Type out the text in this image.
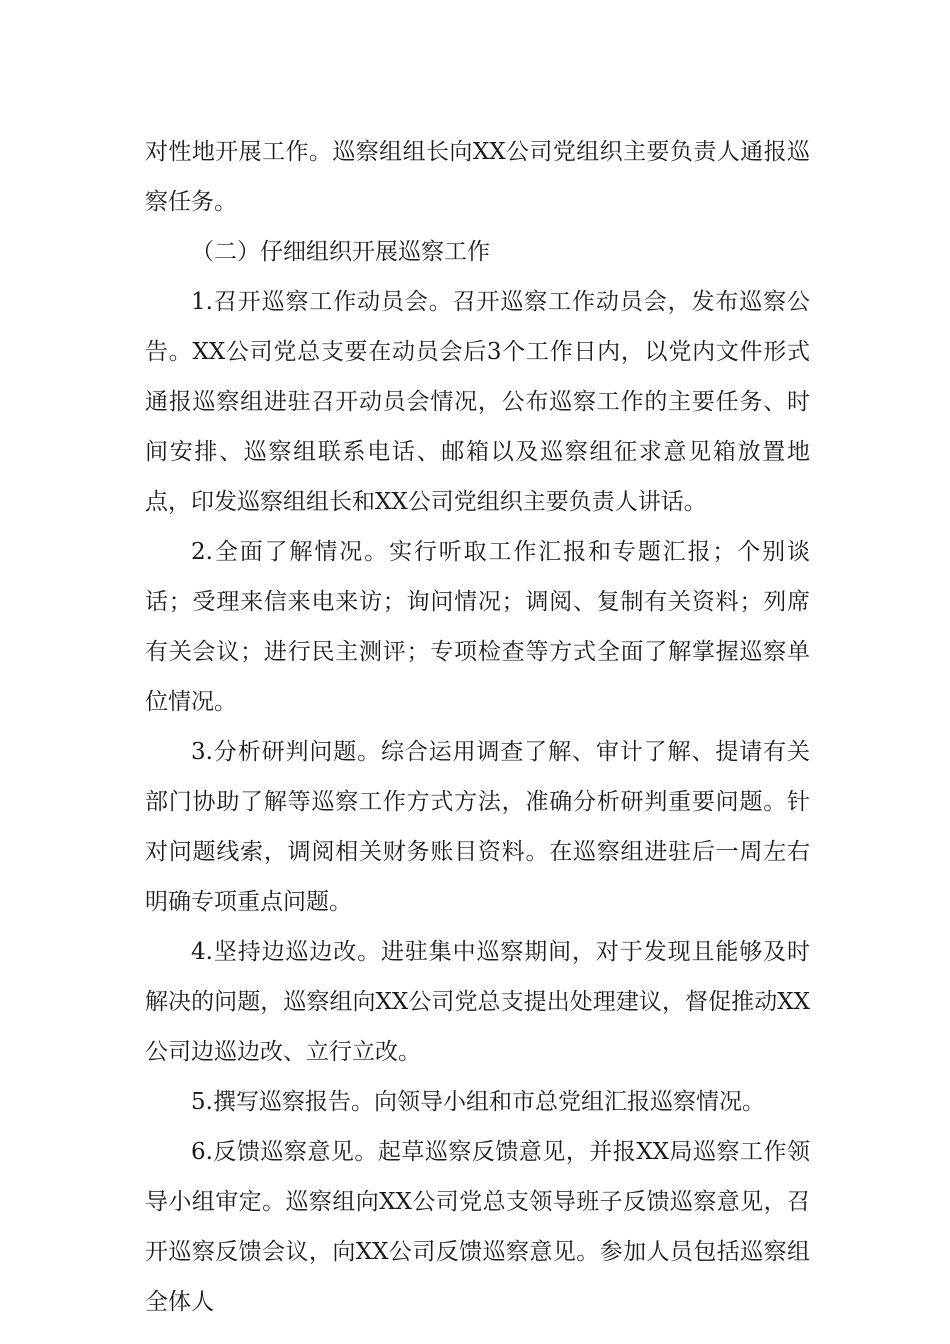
对性地开展工作。巡察组组长向XX公司党组织主要负责人通报巡察任务。

（二）仔细组织开展巡察工作

1.召开巡察工作动员会。召开巡察工作动员会，发布巡察公告。XX公司党总支要在动员会后3个工作日内，以党内文件形式通报巡察组进驻召开动员会情况，公布巡察工作的主要任务、时间安排、巡察组联系电话、邮箱以及巡察组征求意见箱放置地点，印发巡察组组长和XX公司党组织主要负责人讲话。

2.全面了解情况。实行听取工作汇报和专题汇报；个别谈话；受理来信来电来访；询问情况；调阅、复制有关资料；列席有关会议；进行民主测评；专项检查等方式全面了解掌握巡察单位情况。

3.分析研判问题。综合运用调查了解、审计了解、提请有关部门协助了解等巡察工作方式方法，准确分析研判重要问题。针对问题线索，调阅相关财务账目资料。在巡察组进驻后一周左右明确专项重点问题。

4.坚持边巡边改。进驻集中巡察期间，对于发现且能够及时解决的问题，巡察组向XX公司党总支提出处理建议，督促推动XX公司边巡边改、立行立改。

5.撰写巡察报告。向领导小组和市总党组汇报巡察情况。

6.反馈巡察意见。起草巡察反馈意见，并报XX局巡察工作领导小组审定。巡察组向XX公司党总支领导班子反馈巡察意见，召开巡察反馈会议，向XX公司反馈巡察意见。参加人员包括巡察组全体人
